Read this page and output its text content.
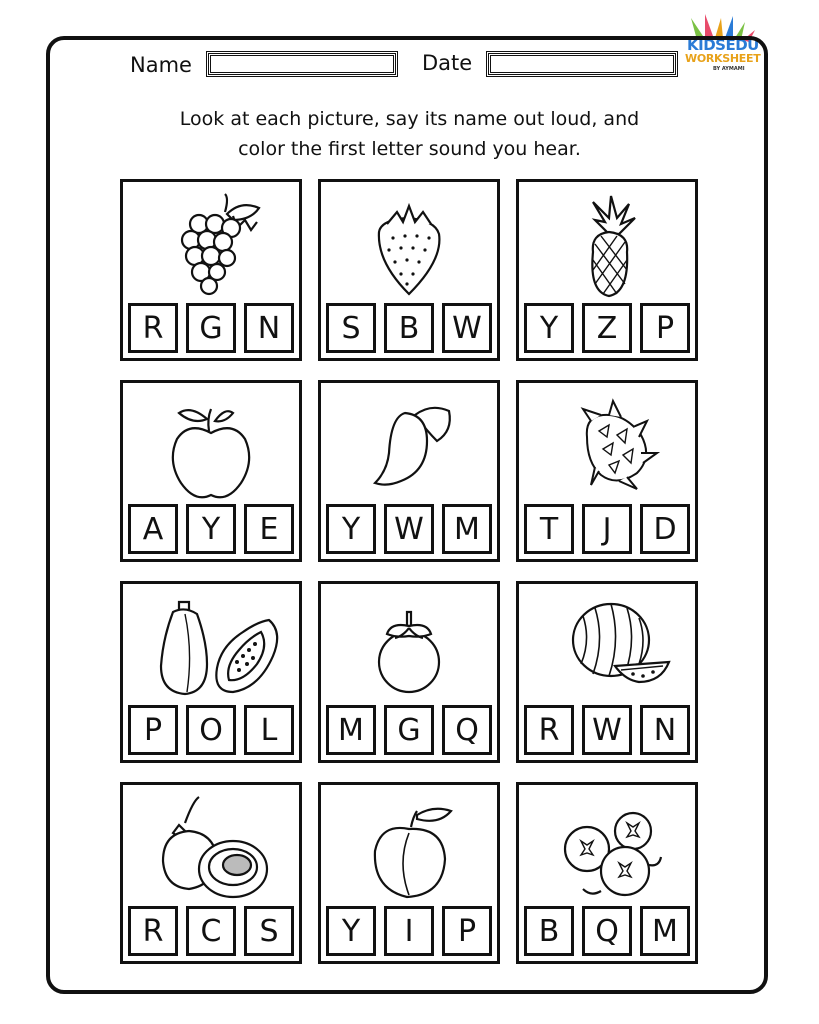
KIDSEDU
WORKSHEET
BY AYMAMI
Name	Date
Look at each picture, say its name out loud, and
color the first letter sound you hear.
R	G	N	S	B	W	Y	Z	P
A	Y	E	Y	W	M	T	J	D
P	O	L	M	G	Q	R	W	N
R	C	S	Y	I	P	B	Q	M
